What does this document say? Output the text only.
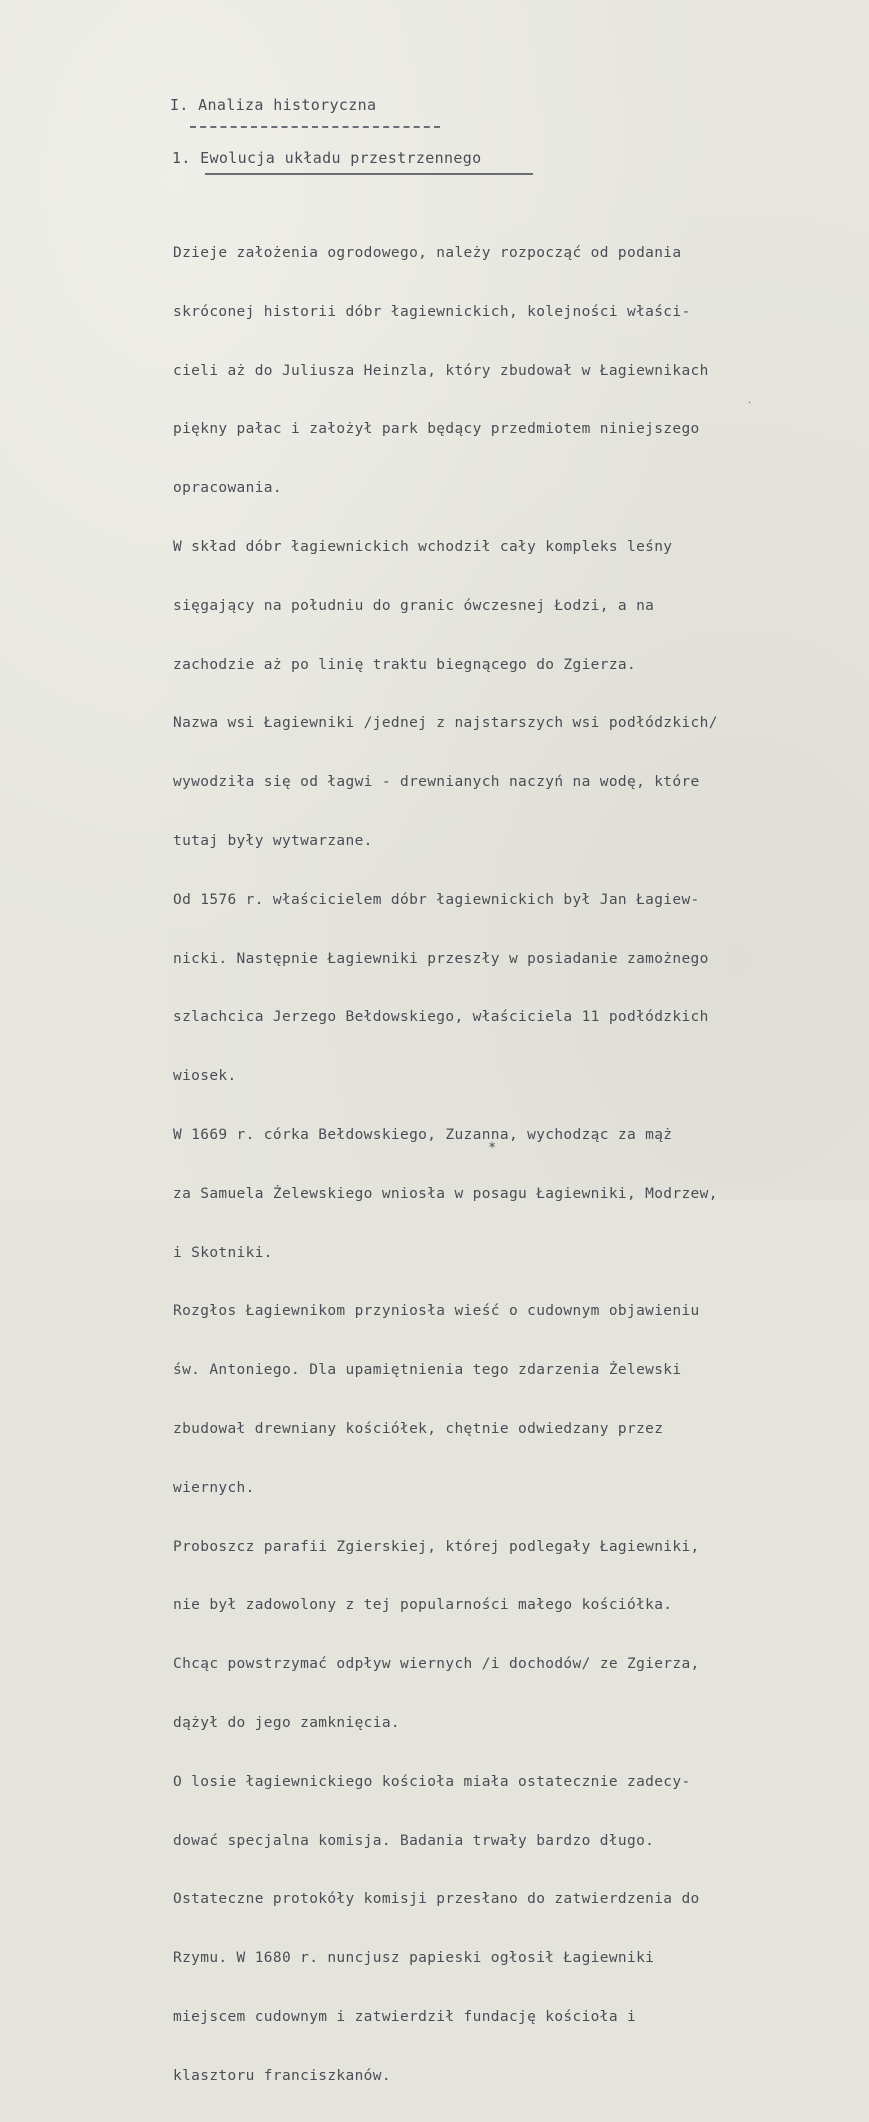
I. Analiza historyczna
1. Ewolucja układu przestrzennego

Dzieje założenia ogrodowego, należy rozpocząć od podania

skróconej historii dóbr łagiewnickich, kolejności właści-

cieli aż do Juliusza Heinzla, który zbudował w Łagiewnikach

piękny pałac i założył park będący przedmiotem niniejszego

opracowania.

W skład dóbr łagiewnickich wchodził cały kompleks leśny

sięgający na południu do granic ówczesnej Łodzi, a na

zachodzie aż po linię traktu biegnącego do Zgierza.

Nazwa wsi Łagiewniki /jednej z najstarszych wsi podłódzkich/

wywodziła się od łagwi - drewnianych naczyń na wodę, które

tutaj były wytwarzane.

Od 1576 r. właścicielem dóbr łagiewnickich był Jan Łagiew-

nicki. Następnie Łagiewniki przeszły w posiadanie zamożnego

szlachcica Jerzego Bełdowskiego, właściciela 11 podłódzkich

wiosek.

W 1669 r. córka Bełdowskiego, Zuzanna, wychodząc za mąż

za Samuela Żelewskiego wniosła w posagu Łagiewniki, Modrzew,

i Skotniki.

Rozgłos Łagiewnikom przyniosła wieść o cudownym objawieniu

św. Antoniego. Dla upamiętnienia tego zdarzenia Żelewski

zbudował drewniany kościółek, chętnie odwiedzany przez

wiernych.

Proboszcz parafii Zgierskiej, której podlegały Łagiewniki,

nie był zadowolony z tej popularności małego kościółka.

Chcąc powstrzymać odpływ wiernych /i dochodów/ ze Zgierza,

dążył do jego zamknięcia.

O losie łagiewnickiego kościoła miała ostatecznie zadecy-

dować specjalna komisja. Badania trwały bardzo długo.

Ostateczne protokóły komisji przesłano do zatwierdzenia do

Rzymu. W 1680 r. nuncjusz papieski ogłosił Łagiewniki

miejscem cudownym i zatwierdził fundację kościoła i

klasztoru franciszkanów.

·
∗
